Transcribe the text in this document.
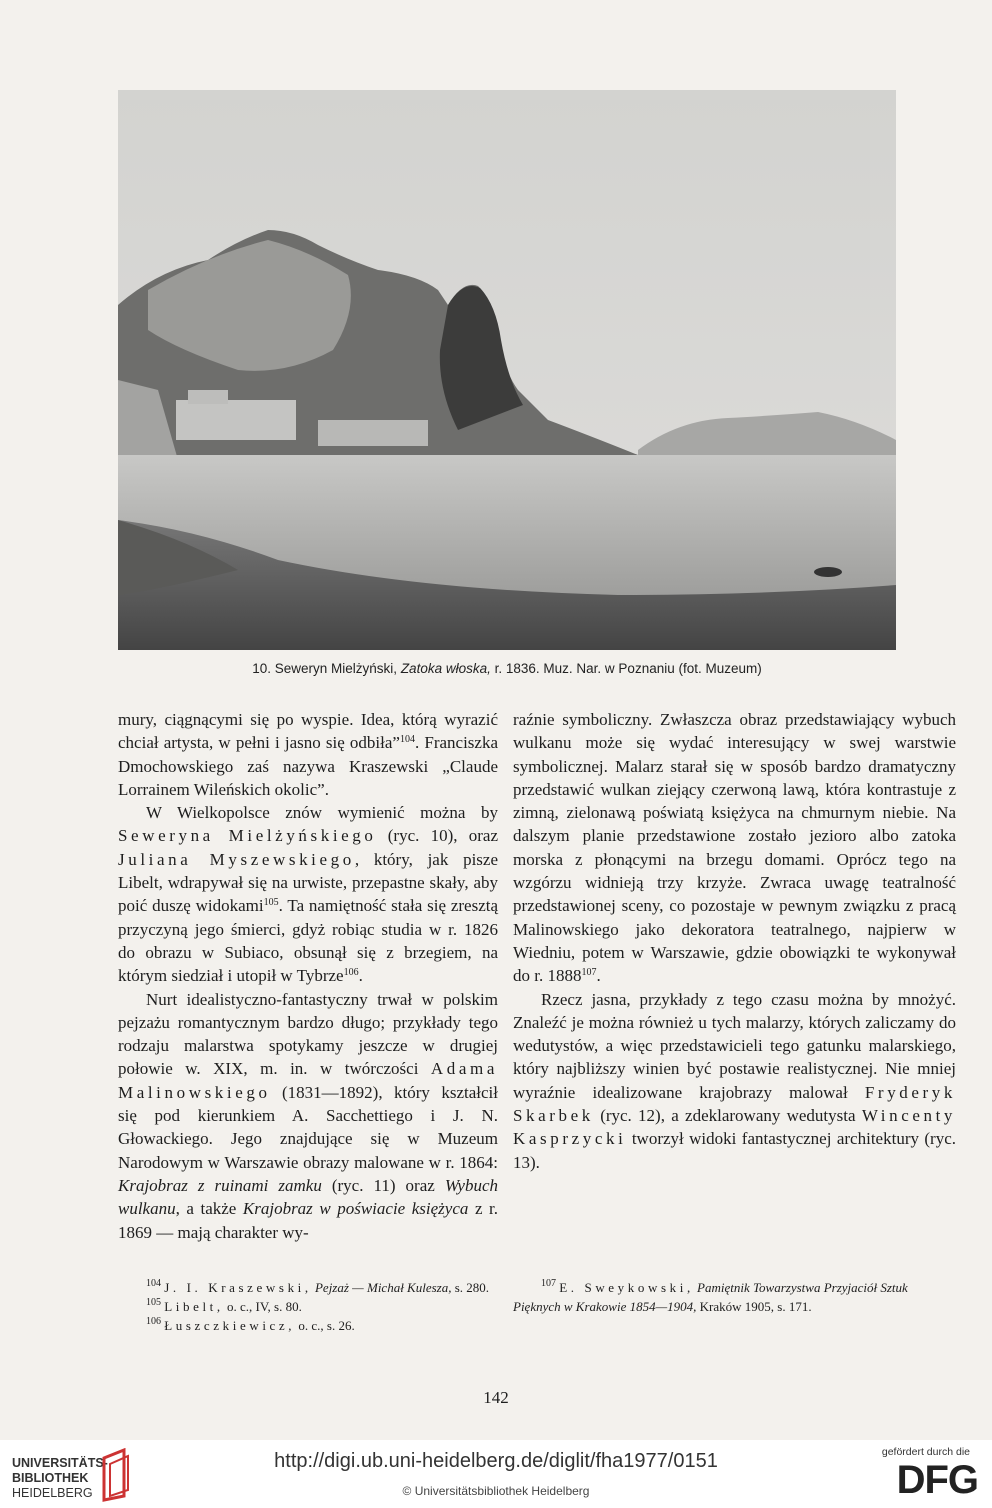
10. Seweryn Mielżyński, Zatoka włoska, r. 1836. Muz. Nar. w Poznaniu (fot. Muzeum)

mury, ciągnącymi się po wyspie. Idea, którą wyrazić chciał artysta, w pełni i jasno się odbiła”$^{104}$. Franciszka Dmochowskiego zaś nazywa Kraszewski „Claude Lorrainem Wileńskich okolic”.

W Wielkopolsce znów wymienić można by Seweryna Mielżyńskiego (ryc. 10), oraz Juliana Myszewskiego, który, jak pisze Libelt, wdrapywał się na urwiste, przepastne skały, aby poić duszę widokami$^{105}$. Ta namiętność stała się zresztą przyczyną jego śmierci, gdyż robiąc studia w r. 1826 do obrazu w Subiaco, obsunął się z brzegiem, na którym siedział i utopił w Tybrze$^{106}$.

Nurt idealistyczno-fantastyczny trwał w polskim pejzażu romantycznym bardzo długo; przykłady tego rodzaju malarstwa spotykamy jeszcze w drugiej połowie w. XIX, m. in. w twórczości Adama Malinowskiego (1831—1892), który kształcił się pod kierunkiem A. Sacchettiego i J. N. Głowackiego. Jego znajdujące się w Muzeum Narodowym w Warszawie obrazy malowane w r. 1864: Krajobraz z ruinami zamku (ryc. 11) oraz Wybuch wulkanu, a także Krajobraz w poświacie księżyca z r. 1869 — mają charakter wy-

raźnie symboliczny. Zwłaszcza obraz przedstawiający wybuch wulkanu może się wydać interesujący w swej warstwie symbolicznej. Malarz starał się w sposób bardzo dramatyczny przedstawić wulkan ziejący czerwoną lawą, która kontrastuje z zimną, zielonawą poświatą księżyca na chmurnym niebie. Na dalszym planie przedstawione zostało jezioro albo zatoka morska z płonącymi na brzegu domami. Oprócz tego na wzgórzu widnieją trzy krzyże. Zwraca uwagę teatralność przedstawionej sceny, co pozostaje w pewnym związku z pracą Malinowskiego jako dekoratora teatralnego, najpierw w Wiedniu, potem w Warszawie, gdzie obowiązki te wykonywał do r. 1888$^{107}$.

Rzecz jasna, przykłady z tego czasu można by mnożyć. Znaleźć je można również u tych malarzy, których zaliczamy do wedutystów, a więc przedstawicieli tego gatunku malarskiego, który najbliższy winien być postawie realistycznej. Nie mniej wyraźnie idealizowane krajobrazy malował Fryderyk Skarbek (ryc. 12), a zdeklarowany wedutysta Wincenty Kasprzycki tworzył widoki fantastycznej architektury (ryc. 13).

$^{104}$ J. I. Kraszewski, Pejzaż — Michał Kulesza, s. 280.

$^{105}$ Libelt, o. c., IV, s. 80.

$^{106}$ Łuszczkiewicz, o. c., s. 26.

$^{107}$ E. Sweykowski, Pamiętnik Towarzystwa Przyjaciół Sztuk Pięknych w Krakowie 1854—1904, Kraków 1905, s. 171.

142
UNIVERSITÄTS-
BIBLIOTHEK
HEIDELBERG
http://digi.ub.uni-heidelberg.de/diglit/fha1977/0151
© Universitätsbibliothek Heidelberg
gefördert durch die
DFG
